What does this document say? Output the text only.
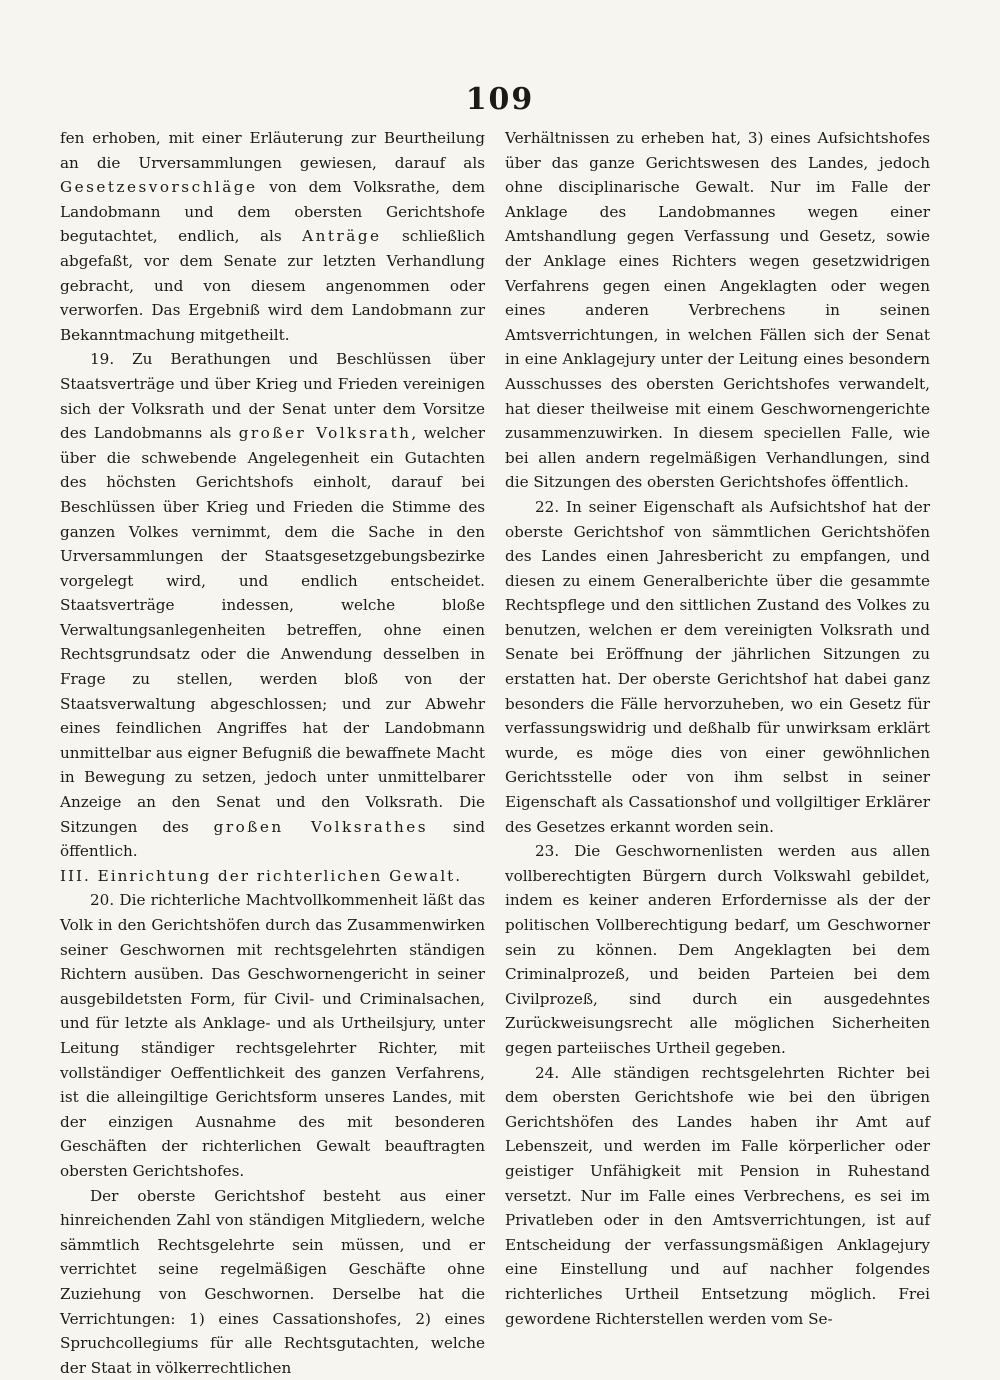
109

fen erhoben, mit einer Erläuterung zur Beurtheilung an die Urversammlungen gewiesen, darauf als Gesetzesvorschläge von dem Volksrathe, dem Landobmann und dem obersten Gerichtshofe begutachtet, endlich, als Anträge schließlich abgefaßt, vor dem Senate zur letzten Verhandlung gebracht, und von diesem angenommen oder verworfen. Das Ergebniß wird dem Landobmann zur Bekanntmachung mitgetheilt.

19. Zu Berathungen und Beschlüssen über Staatsverträge und über Krieg und Frieden vereinigen sich der Volksrath und der Senat unter dem Vorsitze des Landobmanns als großer Volksrath, welcher über die schwebende Angelegenheit ein Gutachten des höchsten Gerichtshofs einholt, darauf bei Beschlüssen über Krieg und Frieden die Stimme des ganzen Volkes vernimmt, dem die Sache in den Urversammlungen der Staatsgesetzgebungsbezirke vorgelegt wird, und endlich entscheidet. Staatsverträge indessen, welche bloße Verwaltungsanlegenheiten betreffen, ohne einen Rechtsgrundsatz oder die Anwendung desselben in Frage zu stellen, werden bloß von der Staatsverwaltung abgeschlossen; und zur Abwehr eines feindlichen Angriffes hat der Landobmann unmittelbar aus eigner Befugniß die bewaffnete Macht in Bewegung zu setzen, jedoch unter unmittelbarer Anzeige an den Senat und den Volksrath. Die Sitzungen des großen Volksrathes sind öffentlich.

III. Einrichtung der richterlichen Gewalt.

20. Die richterliche Machtvollkommenheit läßt das Volk in den Gerichtshöfen durch das Zusammenwirken seiner Geschwornen mit rechtsgelehrten ständigen Richtern ausüben. Das Geschwornengericht in seiner ausgebildetsten Form, für Civil- und Criminalsachen, und für letzte als Anklage- und als Urtheilsjury, unter Leitung ständiger rechtsgelehrter Richter, mit vollständiger Oeffentlichkeit des ganzen Verfahrens, ist die alleingiltige Gerichtsform unseres Landes, mit der einzigen Ausnahme des mit besonderen Geschäften der richterlichen Gewalt beauftragten obersten Gerichtshofes.

Der oberste Gerichtshof besteht aus einer hinreichenden Zahl von ständigen Mitgliedern, welche sämmtlich Rechtsgelehrte sein müssen, und er verrichtet seine regelmäßigen Geschäfte ohne Zuziehung von Geschwornen. Derselbe hat die Verrichtungen: 1) eines Cassationshofes, 2) eines Spruchcollegiums für alle Rechtsgutachten, welche der Staat in völkerrechtlichen

Verhältnissen zu erheben hat, 3) eines Aufsichtshofes über das ganze Gerichtswesen des Landes, jedoch ohne disciplinarische Gewalt. Nur im Falle der Anklage des Landobmannes wegen einer Amtshandlung gegen Verfassung und Gesetz, sowie der Anklage eines Richters wegen gesetzwidrigen Verfahrens gegen einen Angeklagten oder wegen eines anderen Verbrechens in seinen Amtsverrichtungen, in welchen Fällen sich der Senat in eine Anklagejury unter der Leitung eines besondern Ausschusses des obersten Gerichtshofes verwandelt, hat dieser theilweise mit einem Geschwornengerichte zusammenzuwirken. In diesem speciellen Falle, wie bei allen andern regelmäßigen Verhandlungen, sind die Sitzungen des obersten Gerichtshofes öffentlich.

22. In seiner Eigenschaft als Aufsichtshof hat der oberste Gerichtshof von sämmtlichen Gerichtshöfen des Landes einen Jahresbericht zu empfangen, und diesen zu einem Generalberichte über die gesammte Rechtspflege und den sittlichen Zustand des Volkes zu benutzen, welchen er dem vereinigten Volksrath und Senate bei Eröffnung der jährlichen Sitzungen zu erstatten hat. Der oberste Gerichtshof hat dabei ganz besonders die Fälle hervorzuheben, wo ein Gesetz für verfassungswidrig und deßhalb für unwirksam erklärt wurde, es möge dies von einer gewöhnlichen Gerichtsstelle oder von ihm selbst in seiner Eigenschaft als Cassationshof und vollgiltiger Erklärer des Gesetzes erkannt worden sein.

23. Die Geschwornenlisten werden aus allen vollberechtigten Bürgern durch Volkswahl gebildet, indem es keiner anderen Erfordernisse als der der politischen Vollberechtigung bedarf, um Geschworner sein zu können. Dem Angeklagten bei dem Criminalprozeß, und beiden Parteien bei dem Civilprozeß, sind durch ein ausgedehntes Zurückweisungsrecht alle möglichen Sicherheiten gegen parteiisches Urtheil gegeben.

24. Alle ständigen rechtsgelehrten Richter bei dem obersten Gerichtshofe wie bei den übrigen Gerichtshöfen des Landes haben ihr Amt auf Lebenszeit, und werden im Falle körperlicher oder geistiger Unfähigkeit mit Pension in Ruhestand versetzt. Nur im Falle eines Verbrechens, es sei im Privatleben oder in den Amtsverrichtungen, ist auf Entscheidung der verfassungsmäßigen Anklagejury eine Einstellung und auf nachher folgendes richterliches Urtheil Entsetzung möglich. Frei gewordene Richterstellen werden vom Se-
